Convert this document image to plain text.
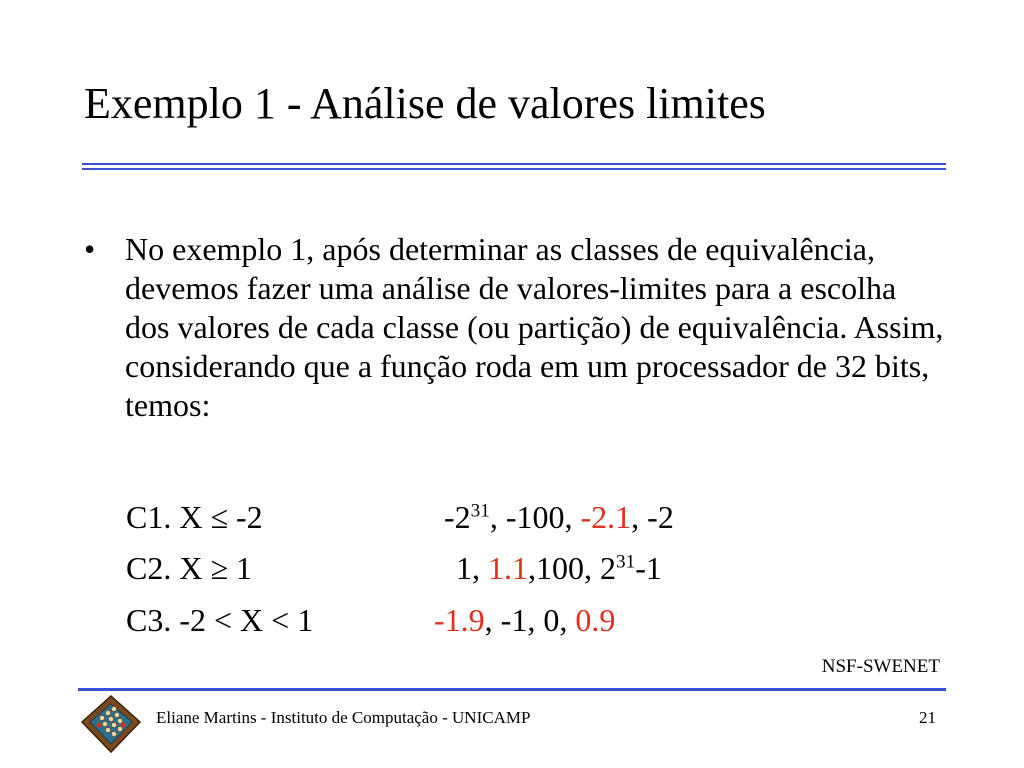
Exemplo 1 - Análise de valores limites
• No exemplo 1, após determinar as classes de equivalência, devemos fazer uma análise de valores-limites para a escolha dos valores de cada classe (ou partição) de equivalência. Assim, considerando que a função roda em um processador de 32 bits, temos:

C1. X ≤ -2	$-2^{31}$, -100, -2.1, -2
C2. X ≥ 1	1, 1.1,100, $2^{31}-1$
C3. -2 < X < 1	-1.9, -1, 0, 0.9
NSF-SWENET
Eliane Martins - Instituto de Computação - UNICAMP	21
